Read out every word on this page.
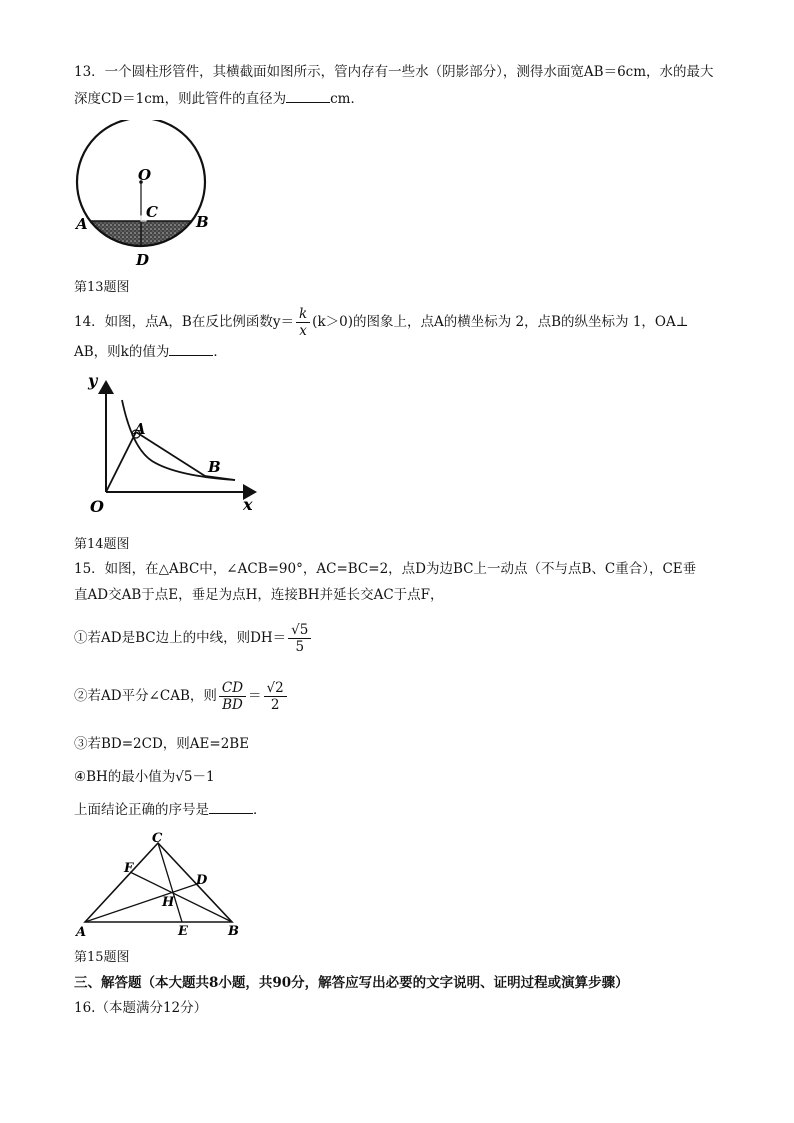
13．一个圆柱形管件，其横截面如图所示，管内存有一些水（阴影部分），测得水面宽AB＝6cm，水的最大
深度CD＝1cm，则此管件的直径为	cm．
O
C
A	B
D
第13题图
14．如图，点A，B在反比例函数$y= \frac{k}{x} (k>0)$的图象上，点A的横坐标为 2，点B的纵坐标为 1，OA⊥
AB，则k的值为	．
y
x
O
A
B
第14题图
15．如图，在△ABC中，∠ACB=90°，AC=BC=2，点D为边BC上一动点（不与点B、C重合），CE垂
直AD交AB于点E，垂足为点H，连接BH并延长交AC于点F，
①若AD是BC边上的中线，则$DH= \frac{√5}{5}$
②若AD平分∠CAB，则 $\frac{CD}{BD} = \frac{√2}{2}$
③若BD=2CD，则AE=2BE
④BH的最小值为√5－1
上面结论正确的序号是	．
C
F
D
H
A	E	B
第15题图
三、解答题（本大题共8小题，共90分，解答应写出必要的文字说明、证明过程或演算步骤）
16.（本题满分12分）
